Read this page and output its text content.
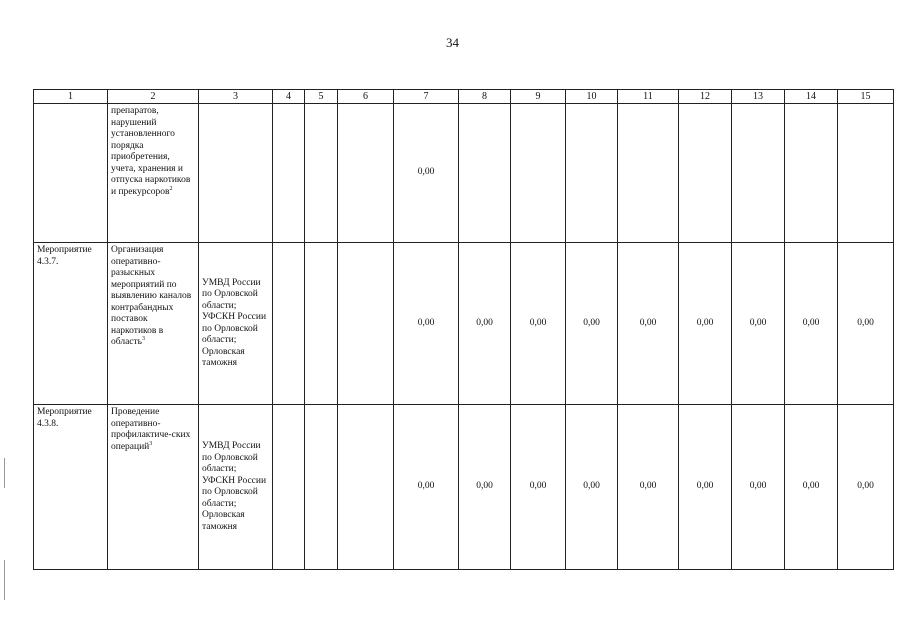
34
1	2	3	4	5	6	7	8	9	10	11	12	13	14	15
	препаратов, нарушений установленного порядка приобретения, учета, хранения и отпуска наркотиков и прекурсоров$^2$					0,00								
Мероприятие 4.3.7.	Организация оперативно-разыскных мероприятий по выявлению каналов контрабандных поставок наркотиков в область$^3$	УМВД России по Орловской области; УФСКН России по Орловской области; Орловская таможня				0,00	0,00	0,00	0,00	0,00	0,00	0,00	0,00	0,00
Мероприятие 4.3.8.	Проведение оперативно-профилактиче-ских операций$^3$	УМВД России по Орловской области; УФСКН России по Орловской области; Орловская таможня				0,00	0,00	0,00	0,00	0,00	0,00	0,00	0,00	0,00
